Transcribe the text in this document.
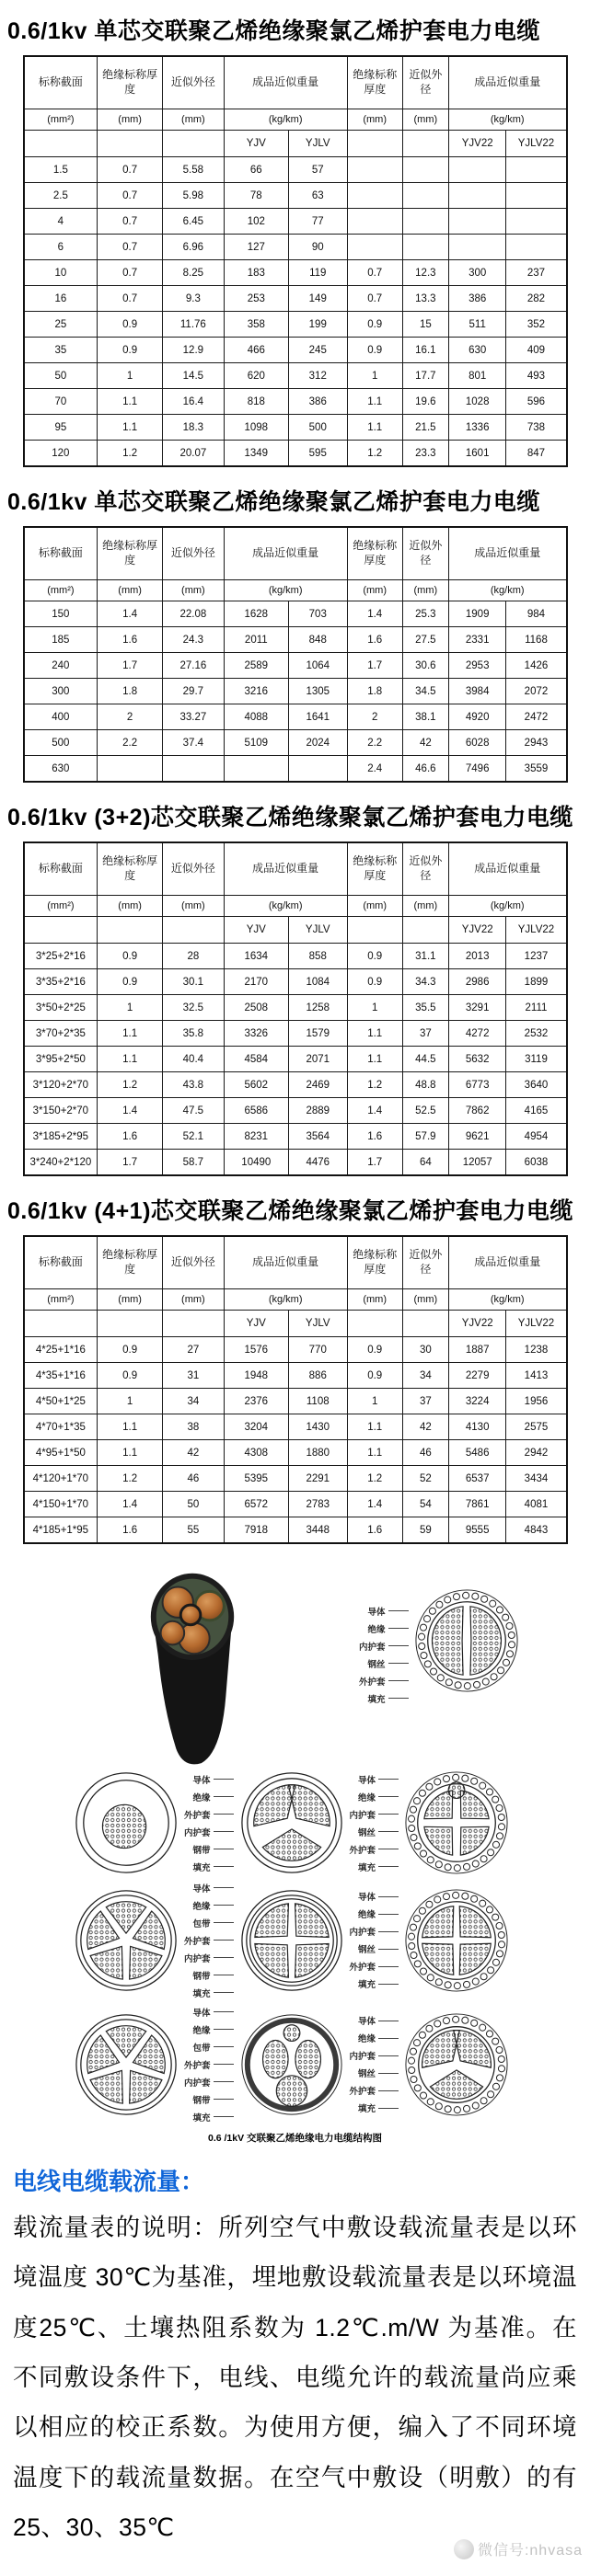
0.6/1kv 单芯交联聚乙烯绝缘聚氯乙烯护套电力电缆
标称截面	绝缘标称厚度	近似外径	成品近似重量		绝缘标称厚度	近似外径	成品近似重量	
(mm²)	(mm)	(mm)	(kg/km)		(mm)	(mm)	(kg/km)	
			YJV	YJLV			YJV22	YJLV22
1.5	0.7	5.58	66	57				
2.5	0.7	5.98	78	63				
4	0.7	6.45	102	77				
6	0.7	6.96	127	90				
10	0.7	8.25	183	119	0.7	12.3	300	237
16	0.7	9.3	253	149	0.7	13.3	386	282
25	0.9	11.76	358	199	0.9	15	511	352
35	0.9	12.9	466	245	0.9	16.1	630	409
50	1	14.5	620	312	1	17.7	801	493
70	1.1	16.4	818	386	1.1	19.6	1028	596
95	1.1	18.3	1098	500	1.1	21.5	1336	738
120	1.2	20.07	1349	595	1.2	23.3	1601	847
0.6/1kv 单芯交联聚乙烯绝缘聚氯乙烯护套电力电缆
标称截面	绝缘标称厚度	近似外径	成品近似重量		绝缘标称厚度	近似外径	成品近似重量	
(mm²)	(mm)	(mm)	(kg/km)		(mm)	(mm)	(kg/km)	
150	1.4	22.08	1628	703	1.4	25.3	1909	984
185	1.6	24.3	2011	848	1.6	27.5	2331	1168
240	1.7	27.16	2589	1064	1.7	30.6	2953	1426
300	1.8	29.7	3216	1305	1.8	34.5	3984	2072
400	2	33.27	4088	1641	2	38.1	4920	2472
500	2.2	37.4	5109	2024	2.2	42	6028	2943
630					2.4	46.6	7496	3559
0.6/1kv (3+2)芯交联聚乙烯绝缘聚氯乙烯护套电力电缆
标称截面	绝缘标称厚度	近似外径	成品近似重量		绝缘标称厚度	近似外径	成品近似重量	
(mm²)	(mm)	(mm)	(kg/km)		(mm)	(mm)	(kg/km)	
			YJV	YJLV			YJV22	YJLV22
3*25+2*16	0.9	28	1634	858	0.9	31.1	2013	1237
3*35+2*16	0.9	30.1	2170	1084	0.9	34.3	2986	1899
3*50+2*25	1	32.5	2508	1258	1	35.5	3291	2111
3*70+2*35	1.1	35.8	3326	1579	1.1	37	4272	2532
3*95+2*50	1.1	40.4	4584	2071	1.1	44.5	5632	3119
3*120+2*70	1.2	43.8	5602	2469	1.2	48.8	6773	3640
3*150+2*70	1.4	47.5	6586	2889	1.4	52.5	7862	4165
3*185+2*95	1.6	52.1	8231	3564	1.6	57.9	9621	4954
3*240+2*120	1.7	58.7	10490	4476	1.7	64	12057	6038
0.6/1kv (4+1)芯交联聚乙烯绝缘聚氯乙烯护套电力电缆
标称截面	绝缘标称厚度	近似外径	成品近似重量		绝缘标称厚度	近似外径	成品近似重量	
(mm²)	(mm)	(mm)	(kg/km)		(mm)	(mm)	(kg/km)	
			YJV	YJLV			YJV22	YJLV22
4*25+1*16	0.9	27	1576	770	0.9	30	1887	1238
4*35+1*16	0.9	31	1948	886	0.9	34	2279	1413
4*50+1*25	1	34	2376	1108	1	37	3224	1956
4*70+1*35	1.1	38	3204	1430	1.1	42	4130	2575
4*95+1*50	1.1	42	4308	1880	1.1	46	5486	2942
4*120+1*70	1.2	46	5395	2291	1.2	52	6537	3434
4*150+1*70	1.4	50	6572	2783	1.4	54	7861	4081
4*185+1*95	1.6	55	7918	3448	1.6	59	9555	4843
导体
绝缘
内护套
钢丝
外护套
填充
导体
绝缘
外护套
内护套
钢带
填充
导体
绝缘
内护套
钢丝
外护套
填充
导体
绝缘
包带
外护套
内护套
钢带
填充
导体
绝缘
内护套
钢丝
外护套
填充
导体
绝缘
包带
外护套
内护套
钢带
填充
导体
绝缘
内护套
钢丝
外护套
填充
0.6 /1kV 交联聚乙烯绝缘电力电缆结构图
电线电缆载流量：

载流量表的说明：所列空气中敷设载流量表是以环境温度 30℃为基准，埋地敷设载流量表是以环境温度25℃、土壤热阻系数为 1.2℃.m/W 为基准。在不同敷设条件下，电线、电缆允许的载流量尚应乘以相应的校正系数。为使用方便，编入了不同环境温度下的载流量数据。在空气中敷设（明敷）的有 25、30、35℃

微信号:nhvasa
